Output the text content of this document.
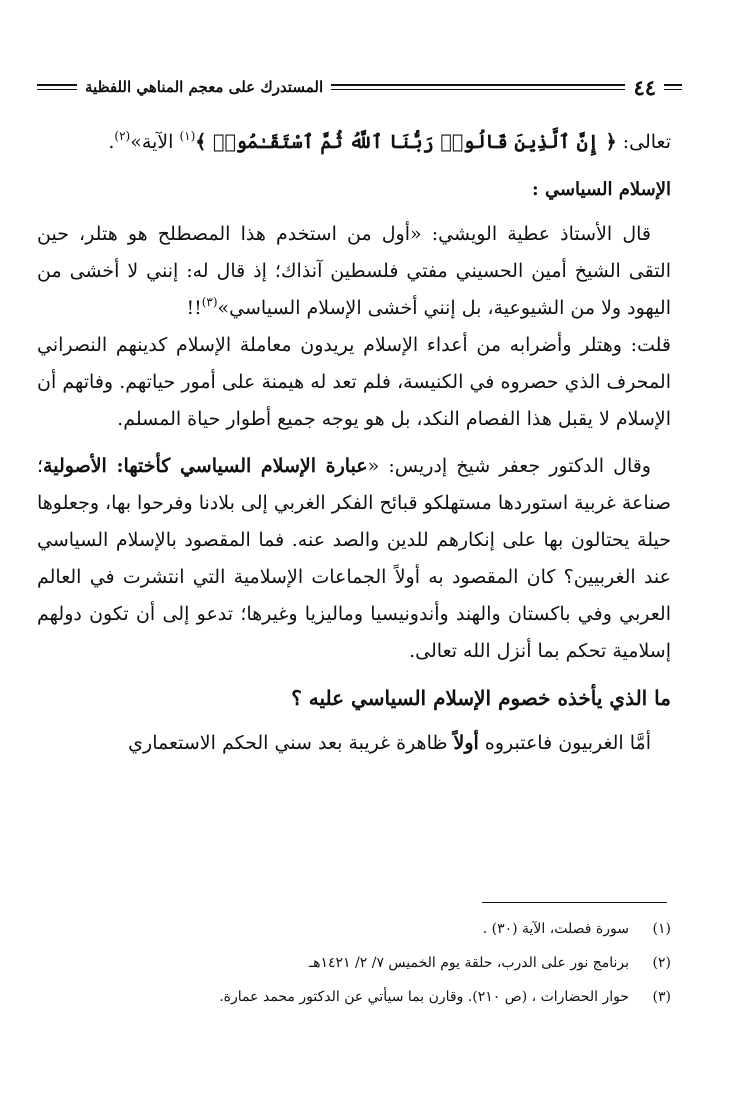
٤٤
المستدرك على معجم المناهي اللفظية

تعالى: ﴿ إِنَّ ٱلَّذِينَ قَالُوا۟ رَبُّنَا ٱللَّهُ ثُمَّ ٱسْتَقَـٰمُوا۟ ﴾$^{(١)}$ الآية»$^{(٢)}$.

الإسلام السياسي :

قال الأستاذ عطية الويشي: «أول من استخدم هذا المصطلح هو هتلر، حين التقى الشيخ أمين الحسيني مفتي فلسطين آنذاك؛ إذ قال له: إنني لا أخشى من اليهود ولا من الشيوعية، بل إنني أخشى الإسلام السياسي»$^{(٣)}$!!
قلت: وهتلر وأضرابه من أعداء الإسلام يريدون معاملة الإسلام كدينهم النصراني المحرف الذي حصروه في الكنيسة، فلم تعد له هيمنة على أمور حياتهم. وفاتهم أن الإسلام لا يقبل هذا الفصام النكد، بل هو يوجه جميع أطوار حياة المسلم.

وقال الدكتور جعفر شيخ إدريس: «عبارة الإسلام السياسي كأختها: الأصولية؛ صناعة غربية استوردها مستهلكو قبائح الفكر الغربي إلى بلادنا وفرحوا بها، وجعلوها حيلة يحتالون بها على إنكارهم للدين والصد عنه. فما المقصود بالإسلام السياسي عند الغربيين؟ كان المقصود به أولاً الجماعات الإسلامية التي انتشرت في العالم العربي وفي باكستان والهند وأندونيسيا وماليزيا وغيرها؛ تدعو إلى أن تكون دولهم إسلامية تحكم بما أنزل الله تعالى.

ما الذي يأخذه خصوم الإسلام السياسي عليه ؟

أمَّا الغربيون فاعتبروه أولاً ظاهرة غريبة بعد سني الحكم الاستعماري

(١)
سورة فصلت، الآية (٣٠) .
(٢)
برنامج نور على الدرب، حلقة يوم الخميس ٧/ ٢/ ١٤٢١هـ
(٣)
حوار الحضارات ، (ص ٢١٠). وقارن بما سيأتي عن الدكتور محمد عمارة.
